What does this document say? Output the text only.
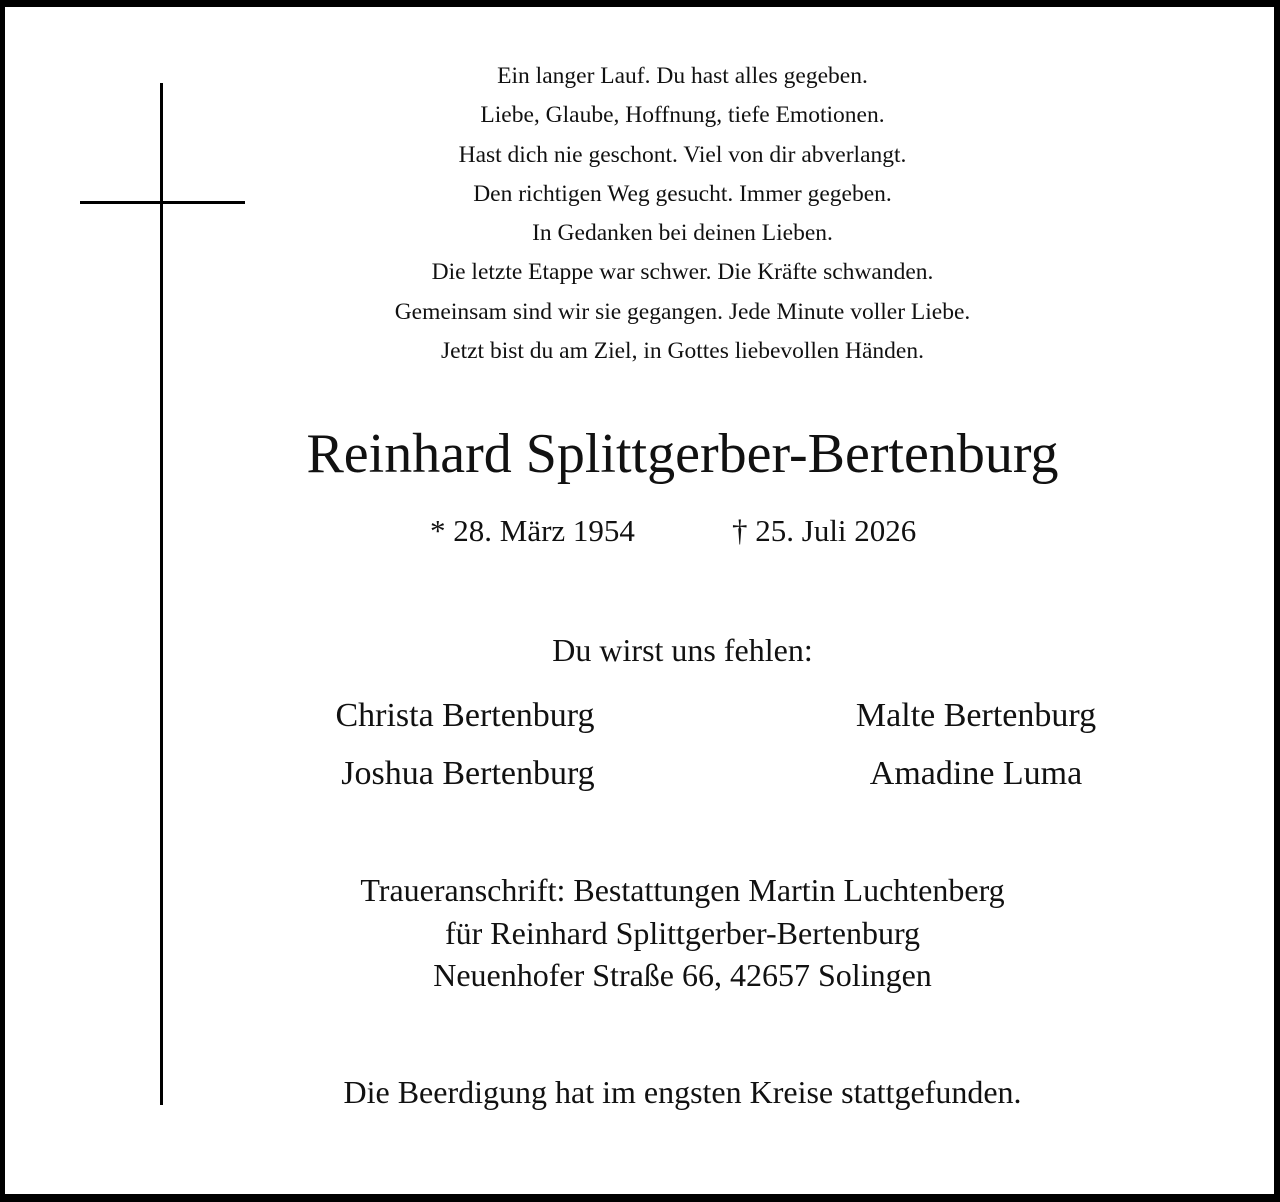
Ein langer Lauf. Du hast alles gegeben.
Liebe, Glaube, Hoffnung, tiefe Emotionen.
Hast dich nie geschont. Viel von dir abverlangt.
Den richtigen Weg gesucht. Immer gegeben.
In Gedanken bei deinen Lieben.
Die letzte Etappe war schwer. Die Kräfte schwanden.
Gemeinsam sind wir sie gegangen. Jede Minute voller Liebe.
Jetzt bist du am Ziel, in Gottes liebevollen Händen.
Reinhard Splittgerber-Bertenburg
* 28. März 1954	† 25. Juli 2026
Du wirst uns fehlen:
Christa Bertenburg	Malte Bertenburg
Joshua Bertenburg	Amadine Luma
Traueranschrift: Bestattungen Martin Luchtenberg
für Reinhard Splittgerber-Bertenburg
Neuenhofer Straße 66, 42657 Solingen
Die Beerdigung hat im engsten Kreise stattgefunden.
